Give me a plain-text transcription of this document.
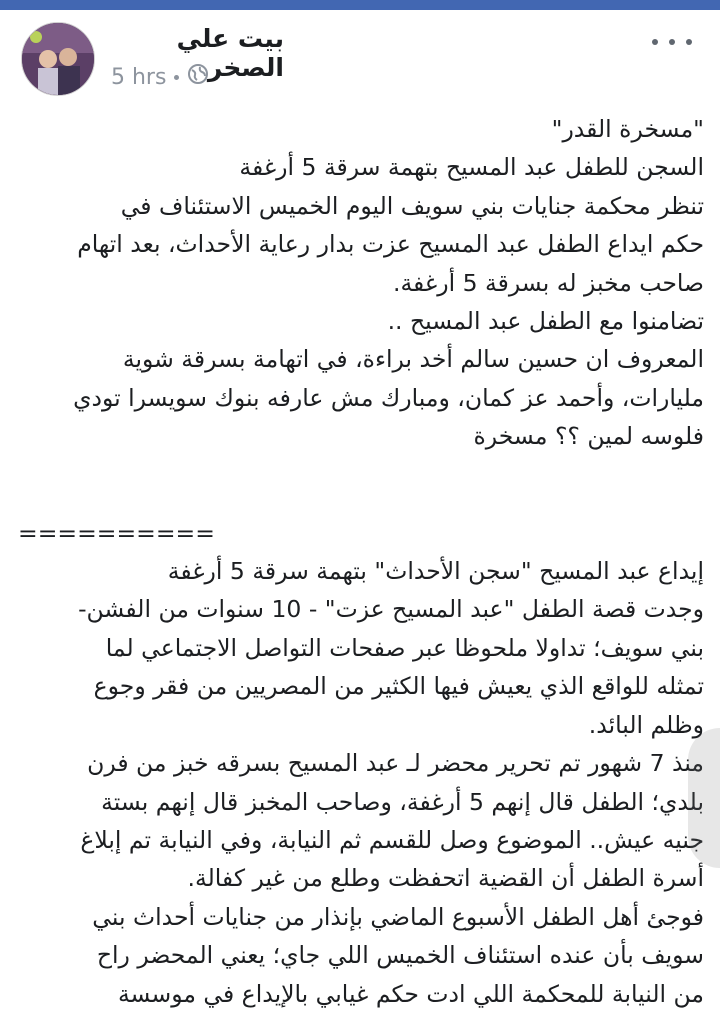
بيت علي الصخر
5 hrs

"مسخرة القدر"

السجن للطفل عبد المسيح بتهمة سرقة 5 أرغفة

تنظر محكمة جنايات بني سويف اليوم الخميس الاستئناف في

حكم ايداع الطفل عبد المسيح عزت بدار رعاية الأحداث، بعد اتهام

صاحب مخبز له بسرقة 5 أرغفة.

تضامنوا مع الطفل عبد المسيح ..

المعروف ان حسين سالم أخد براءة، في اتهامة بسرقة شوية

مليارات، وأحمد عز كمان، ومبارك مش عارفه بنوك سويسرا تودي

فلوسه لمين ؟؟ مسخرة

==========

إيداع عبد المسيح "سجن الأحداث" بتهمة سرقة 5 أرغفة

وجدت قصة الطفل "عبد المسيح عزت" - 10 سنوات من الفشن-

بني سويف؛ تداولا ملحوظا عبر صفحات التواصل الاجتماعي لما

تمثله للواقع الذي يعيش فيها الكثير من المصريين من فقر وجوع

وظلم البائد.

منذ 7 شهور تم تحرير محضر لـ عبد المسيح بسرقه خبز من فرن

بلدي؛ الطفل قال إنهم 5 أرغفة، وصاحب المخبز قال إنهم بستة

جنيه عيش.. الموضوع وصل للقسم ثم النيابة، وفي النيابة تم إبلاغ

أسرة الطفل أن القضية اتحفظت وطلع من غير كفالة.

فوجئ أهل الطفل الأسبوع الماضي بإنذار من جنايات أحداث بني

سويف بأن عنده استئناف الخميس اللي جاي؛ يعني المحضر راح

من النيابة للمحكمة اللي ادت حكم غيابي بالإيداع في موسسة
